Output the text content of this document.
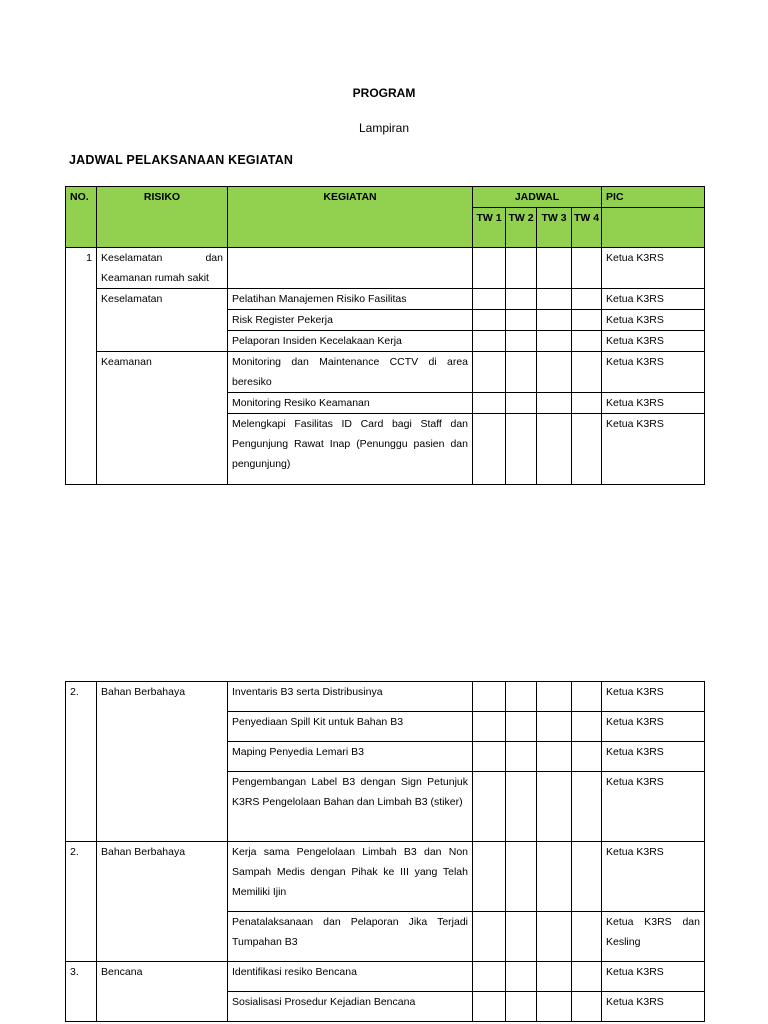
PROGRAM
Lampiran
JADWAL PELAKSANAAN KEGIATAN
NO.	RISIKO	KEGIATAN	JADWAL				PIC
			TW 1	TW 2	TW 3	TW 4	
1	Keselamatan dan Keamanan rumah sakit						Ketua K3RS
	Keselamatan	Pelatihan Manajemen Risiko Fasilitas					Ketua K3RS
		Risk Register Pekerja					Ketua K3RS
		Pelaporan Insiden Kecelakaan Kerja					Ketua K3RS
	Keamanan	Monitoring dan Maintenance CCTV di area beresiko					Ketua K3RS
		Monitoring Resiko Keamanan					Ketua K3RS
		Melengkapi Fasilitas ID Card bagi Staff dan Pengunjung Rawat Inap (Penunggu pasien dan pengunjung)					Ketua K3RS
2.	Bahan Berbahaya	Inventaris B3 serta Distribusinya					Ketua K3RS
		Penyediaan Spill Kit untuk Bahan B3					Ketua K3RS
		Maping Penyedia Lemari B3					Ketua K3RS
		Pengembangan Label B3 dengan Sign Petunjuk K3RS Pengelolaan Bahan dan Limbah B3 (stiker)					Ketua K3RS
2.	Bahan Berbahaya	Kerja sama Pengelolaan Limbah B3 dan Non Sampah Medis dengan Pihak ke III yang Telah Memiliki Ijin					Ketua K3RS
		Penatalaksanaan dan Pelaporan Jika Terjadi Tumpahan B3					Ketua K3RS dan Kesling
3.	Bencana	Identifikasi resiko Bencana					Ketua K3RS
		Sosialisasi Prosedur Kejadian Bencana					Ketua K3RS
